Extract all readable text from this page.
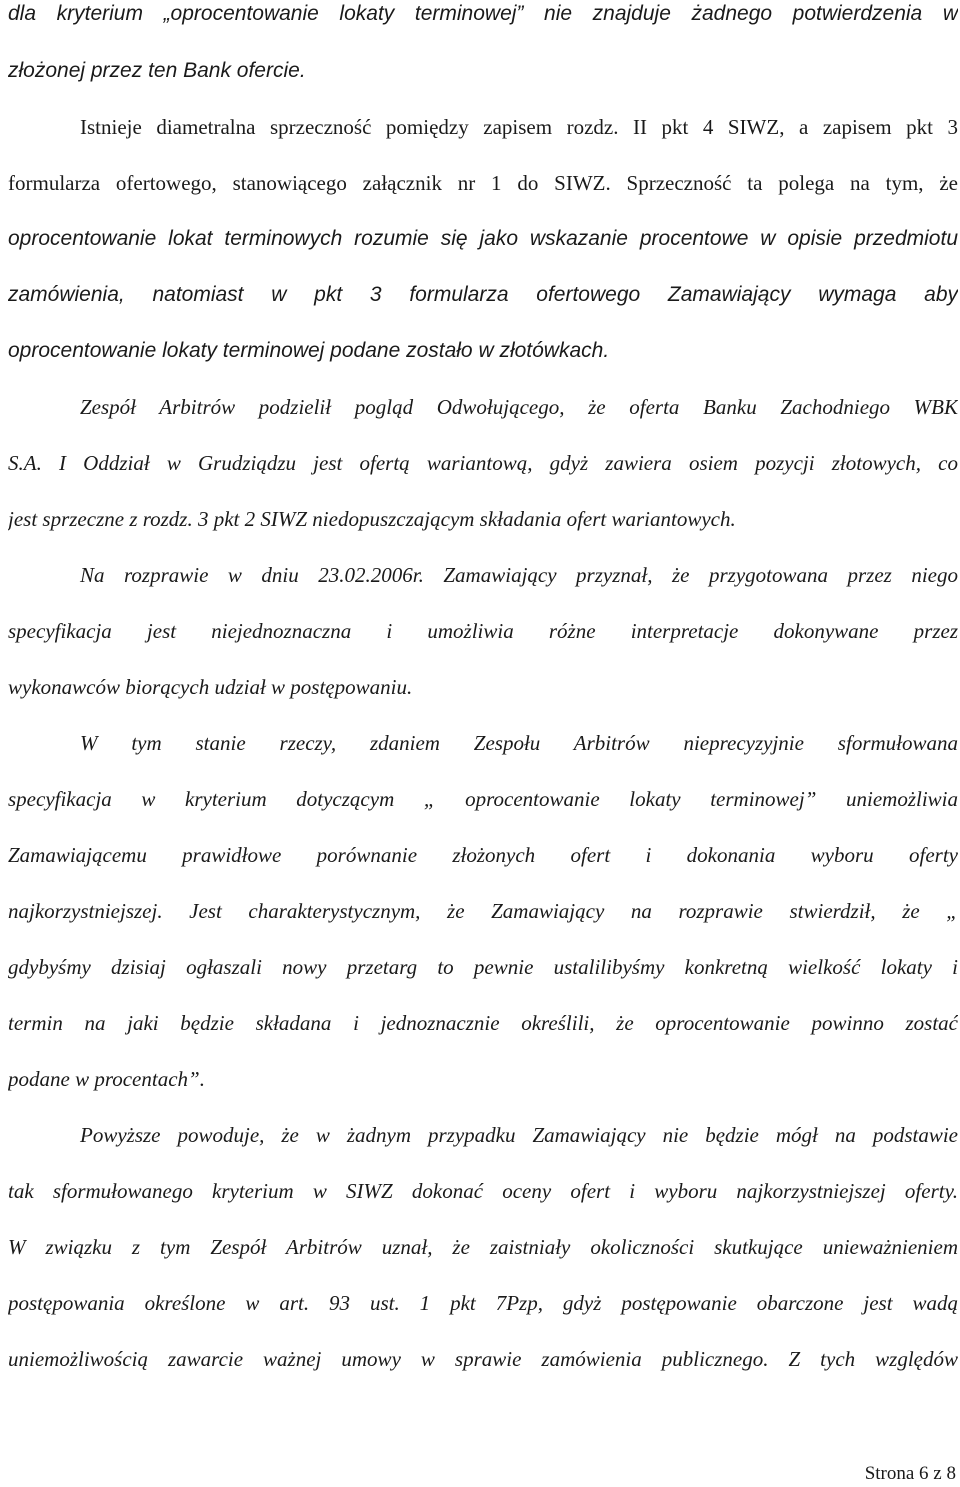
dla kryterium „oprocentowanie lokaty terminowej” nie znajduje żadnego potwierdzenia w
złożonej przez ten Bank ofercie.
Istnieje diametralna sprzeczność pomiędzy zapisem rozdz. II pkt 4 SIWZ, a zapisem pkt 3
formularza ofertowego, stanowiącego załącznik nr 1 do SIWZ. Sprzeczność ta polega na tym, że
oprocentowanie lokat terminowych rozumie się jako wskazanie procentowe w opisie przedmiotu
zamówienia, natomiast w pkt 3 formularza ofertowego Zamawiający wymaga aby
oprocentowanie lokaty terminowej podane zostało w złotówkach.
Zespół Arbitrów podzielił pogląd Odwołującego, że oferta Banku Zachodniego WBK
S.A. I Oddział w Grudziądzu jest ofertą wariantową, gdyż zawiera osiem pozycji złotowych, co
jest sprzeczne z rozdz. 3 pkt 2 SIWZ niedopuszczającym składania ofert wariantowych.
Na rozprawie w dniu 23.02.2006r. Zamawiający przyznał, że przygotowana przez niego
specyfikacja jest niejednoznaczna i umożliwia różne interpretacje dokonywane przez
wykonawców biorących udział w postępowaniu.
W tym stanie rzeczy, zdaniem Zespołu Arbitrów nieprecyzyjnie sformułowana
specyfikacja w kryterium dotyczącym „ oprocentowanie lokaty terminowej” uniemożliwia
Zamawiającemu prawidłowe porównanie złożonych ofert i dokonania wyboru oferty
najkorzystniejszej. Jest charakterystycznym, że Zamawiający na rozprawie stwierdził, że „
gdybyśmy dzisiaj ogłaszali nowy przetarg to pewnie ustalilibyśmy konkretną wielkość lokaty i
termin na jaki będzie składana i jednoznacznie określili, że oprocentowanie powinno zostać
podane w procentach”.
Powyższe powoduje, że w żadnym przypadku Zamawiający nie będzie mógł na podstawie
tak sformułowanego kryterium w SIWZ dokonać oceny ofert i wyboru najkorzystniejszej oferty.
W związku z tym Zespół Arbitrów uznał, że zaistniały okoliczności skutkujące unieważnieniem
postępowania określone w art. 93 ust. 1 pkt 7Pzp, gdyż postępowanie obarczone jest wadą
uniemożliwością zawarcie ważnej umowy w sprawie zamówienia publicznego. Z tych względów
Strona 6 z 8
